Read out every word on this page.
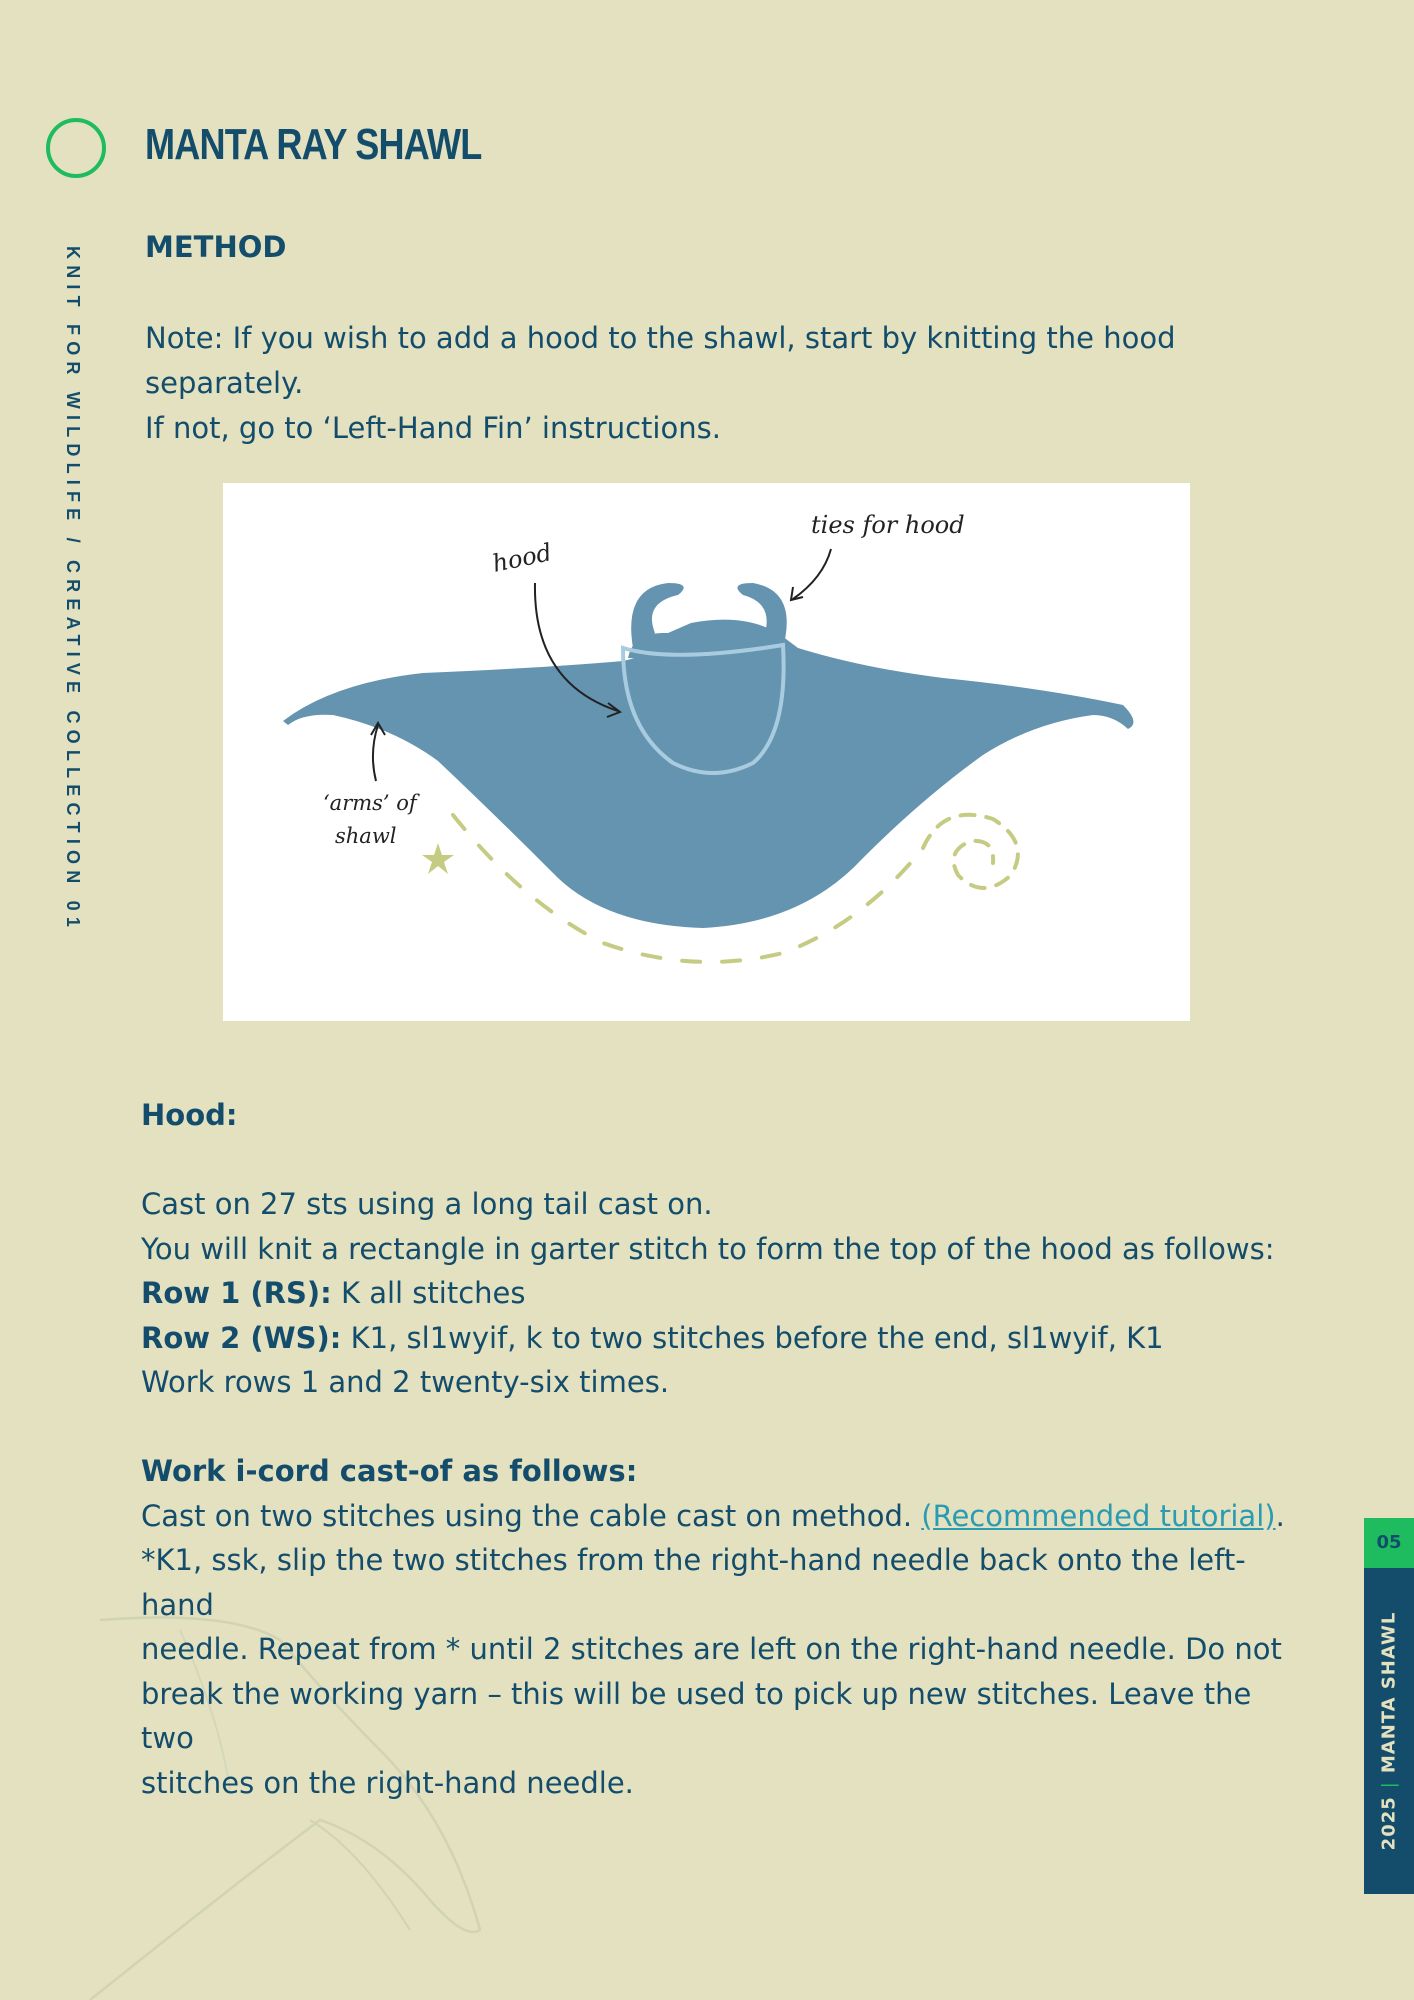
MANTA RAY SHAWL
KNIT FOR WILDLIFE / CREATIVE COLLECTION 01 METHOD

Note: If you wish to add a hood to the shawl, start by knitting the hood separately.

If not, go to ‘Left-Hand Fin’ instructions.

hood
ties for hood
‘arms’ of
shawl

Hood:

Cast on 27 sts using a long tail cast on.

You will knit a rectangle in garter stitch to form the top of the hood as follows:

Row 1 (RS): K all stitches

Row 2 (WS): K1, sl1wyif, k to two stitches before the end, sl1wyif, K1

Work rows 1 and 2 twenty-six times.

Work i-cord cast-of as follows:

Cast on two stitches using the cable cast on method. (Recommended tutorial).

*K1, ssk, slip the two stitches from the right-hand needle back onto the left-hand

needle. Repeat from * until 2 stitches are left on the right-hand needle. Do not

break the working yarn – this will be used to pick up new stitches. Leave the two

stitches on the right-hand needle.

05
2025|MANTA SHAWL
